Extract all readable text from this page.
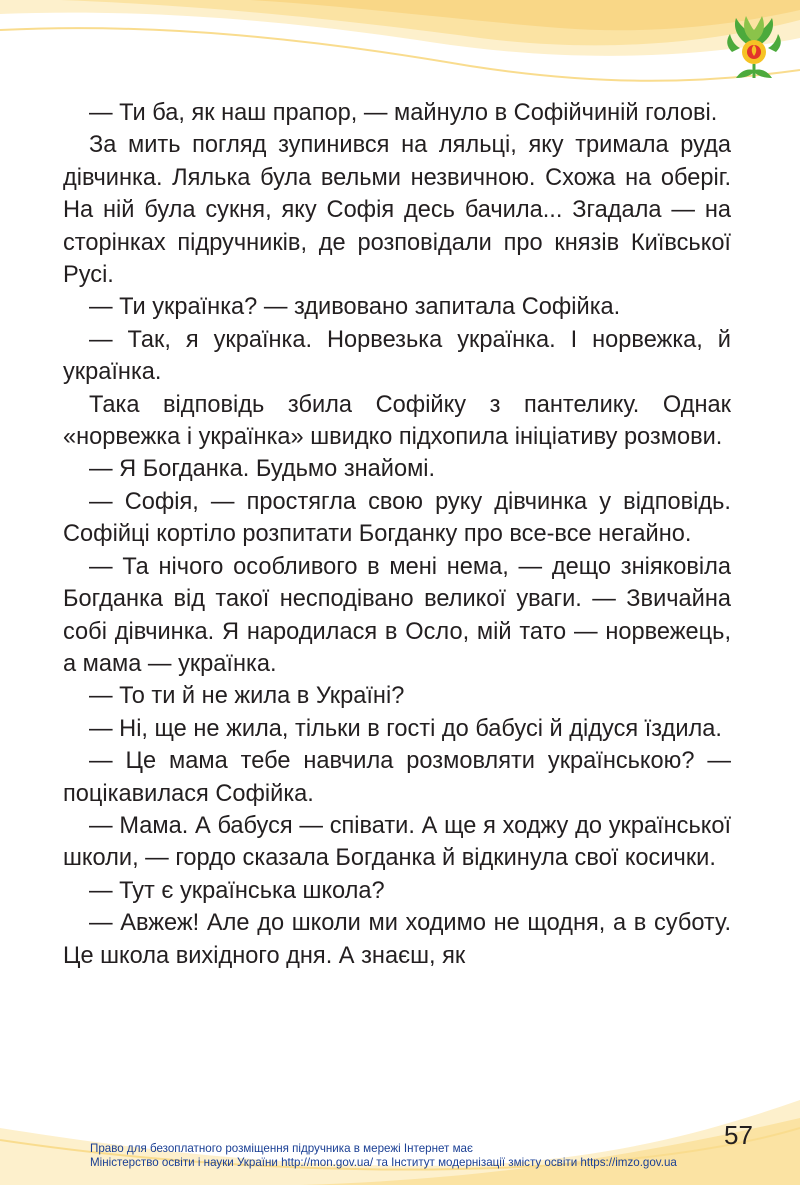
— Ти ба, як наш прапор, — майнуло в Софійчиній голові.

За мить погляд зупинився на ляльці, яку тримала руда дівчинка. Лялька була вельми незвичною. Схожа на оберіг. На ній була сукня, яку Софія десь бачила... Згадала — на сторінках підручників, де розповідали про князів Київської Русі.

— Ти українка? — здивовано запитала Софійка.

— Так, я українка. Норвезька українка. І норвежка, й українка.

Така відповідь збила Софійку з пантелику. Однак «норвежка і українка» швидко підхопила ініціативу розмови.

— Я Богданка. Будьмо знайомі.

— Софія, — простягла свою руку дівчинка у відповідь. Софійці кортіло розпитати Богданку про все-все негайно.

— Та нічого особливого в мені нема, — дещо зніяковіла Богданка від такої несподівано великої уваги. — Звичайна собі дівчинка. Я народилася в Осло, мій тато — норвежець, а мама — українка.

— То ти й не жила в Україні?

— Ні, ще не жила, тільки в гості до бабусі й дідуся їздила.

— Це мама тебе навчила розмовляти українською? — поцікавилася Софійка.

— Мама. А бабуся — співати. А ще я ходжу до української школи, — гордо сказала Богданка й відкинула свої косички.

— Тут є українська школа?

— Авжеж! Але до школи ми ходимо не щодня, а в суботу. Це школа вихідного дня. А знаєш, як

57
Право для безоплатного розміщення підручника в мережі Інтернет має
Міністерство освіти і науки України http://mon.gov.ua/ та Інститут модернізації змісту освіти https://imzo.gov.ua
